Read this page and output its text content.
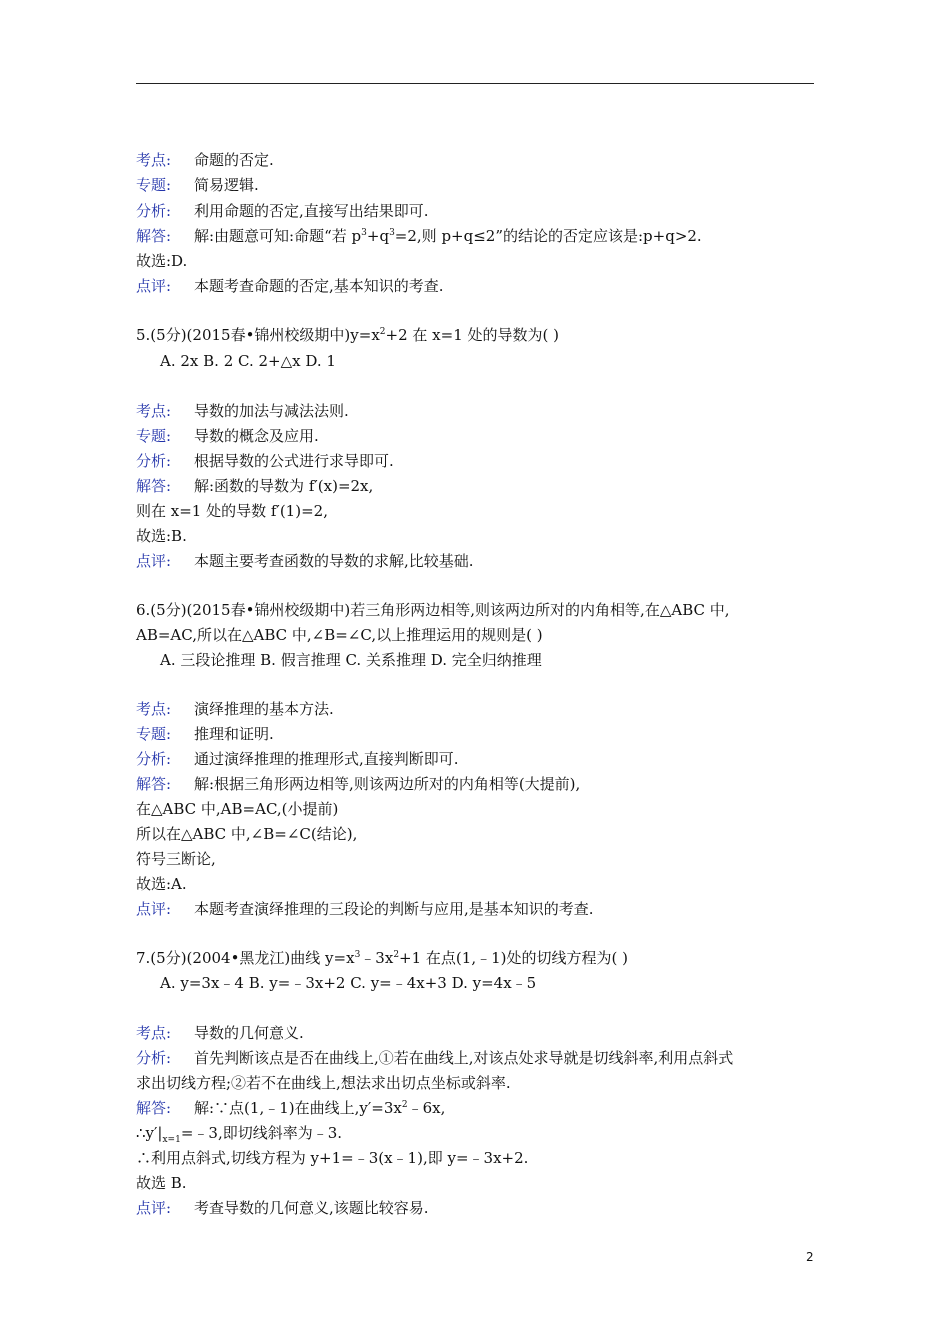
考点: 命题的否定.
专题: 简易逻辑.
分析: 利用命题的否定,直接写出结果即可.
解答: 解:由题意可知:命题“若 $p^3+q^3=2$,则 p+q≤2”的结论的否定应该是:p+q>2.
故选:D.
点评: 本题考查命题的否定,基本知识的考查.
5.(5分)(2015春•锦州校级期中)$y=x^2+2$ 在 x=1 处的导数为( )
A. 2x B. 2 C. 2+△x D. 1
考点: 导数的加法与减法法则.
专题: 导数的概念及应用.
分析: 根据导数的公式进行求导即可.
解答: 解:函数的导数为 f′(x)=2x,
则在 x=1 处的导数 f′(1)=2,
故选:B.
点评: 本题主要考查函数的导数的求解,比较基础.
6.(5分)(2015春•锦州校级期中)若三角形两边相等,则该两边所对的内角相等,在△ABC 中,
AB=AC,所以在△ABC 中,∠B=∠C,以上推理运用的规则是( )
A. 三段论推理 B. 假言推理 C. 关系推理 D. 完全归纳推理
考点: 演绎推理的基本方法.
专题: 推理和证明.
分析: 通过演绎推理的推理形式,直接判断即可.
解答: 解:根据三角形两边相等,则该两边所对的内角相等(大提前),
在△ABC 中,AB=AC,(小提前)
所以在△ABC 中,∠B=∠C(结论),
符号三断论,
故选:A.
点评: 本题考查演绎推理的三段论的判断与应用,是基本知识的考查.
7.(5分)(2004•黑龙江)曲线 $y=x^3﹣3x^2+1$ 在点(1,﹣1)处的切线方程为( )
A. y=3x﹣4 B. y=﹣3x+2 C. y=﹣4x+3 D. y=4x﹣5
考点: 导数的几何意义.
分析: 首先判断该点是否在曲线上,①若在曲线上,对该点处求导就是切线斜率,利用点斜式
求出切线方程;②若不在曲线上,想法求出切点坐标或斜率.
解答: 解:∵点(1,﹣1)在曲线上$,y'=3x^2﹣6x$,
$\therefore y'|_{x=1}=﹣3$,即切线斜率为﹣3.
∴利用点斜式,切线方程为 y+1=﹣3(x﹣1),即 y=﹣3x+2.
故选 B.
点评: 考查导数的几何意义,该题比较容易.
2
